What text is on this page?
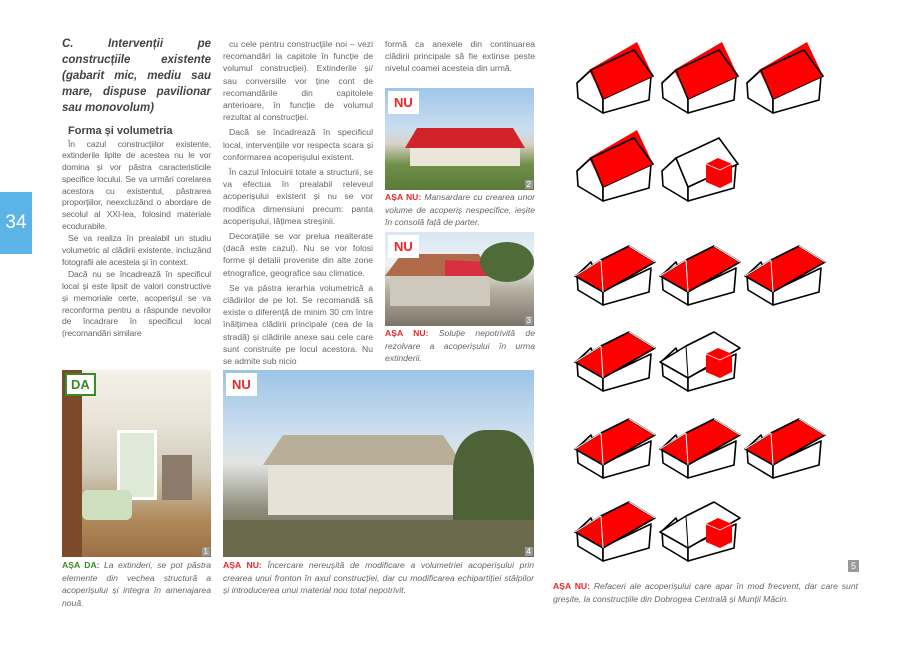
34
C. Intervenții pe construcțiile existente (gabarit mic, mediu sau mare, dispuse pavilionar
sau monovolum)
Forma și volumetria

În cazul construcțiilor existente, extinderile lipite de acestea nu le vor domina și vor păstra caracteristicile specifice locului. Se va urmări corelarea acestora cu existentul, păstrarea proporțiilor, neexcluzând o abordare de secolul al XXI-lea, folosind materiale ecodurabile.

Se va realiza în prealabil un studiu volumetric al clădirii existente, incluzând fotografii ale acesteia și în context.

Dacă nu se încadrează în specificul local și este lipsit de valori constructive și memoriale certe, acoperișul se va reconforma pentru a răspunde nevoilor de încadrare în specificul local (recomandări similare

cu cele pentru construcțiile noi – vezi recomandări la capitole în funcție de volumul construcției). Extinderile și/ sau conversiile vor ține cont de recomandările din capitolele anterioare, în funcție de volumul rezultat al construcției.

Dacă se încadrează în specificul local, intervențiile vor respecta scara și conformarea acoperișului existent.

În cazul înlocuirii totale a structurii, se va efectua în prealabil releveul acoperișului existent și nu se vor modifica dimensiuni precum: panta acoperișului, lățimea streșinii.

Decorațiile se vor prelua nealterate (dacă este cazul). Nu se vor folosi forme și detalii provenite din alte zone etnografice, geografice sau climatice.

Se va păstra ierarhia volumetrică a clădirilor de pe lot. Se recomandă să existe o diferență de minim 30 cm între înălțimea clădirii principale (cea de la stradă) și clădirile anexe sau cele care sunt construite pe locul acestora. Nu se admite sub nicio

formă ca anexele din continuarea clădirii principale să fie extinse peste nivelul coamei acesteia din urmă.

DA
1
AȘA DA: La extinderi, se pot păstra elemente din vechea structură a acoperișului și integra în amenajarea nouă.
NU
2
AȘA NU: Mansardare cu crearea unor volume de acoperiș nespecifice, ieșite în consolă față de parter.
NU
3
AȘA NU: Soluție nepotrivită de rezolvare a acoperișului în urma extinderii.
NU
4
AȘA NU: Încercare nereușită de modificare a volumetriei acoperișului prin crearea unui fronton în axul construcției, dar cu modificarea echipartiției stâlpilor și introducerea unui material nou total nepotrivit.
5
AȘA NU: Refaceri ale acoperișului care apar în mod frecvent, dar care sunt greșite, la construcțiile din Dobrogea Centrală și Munții Măcin.
